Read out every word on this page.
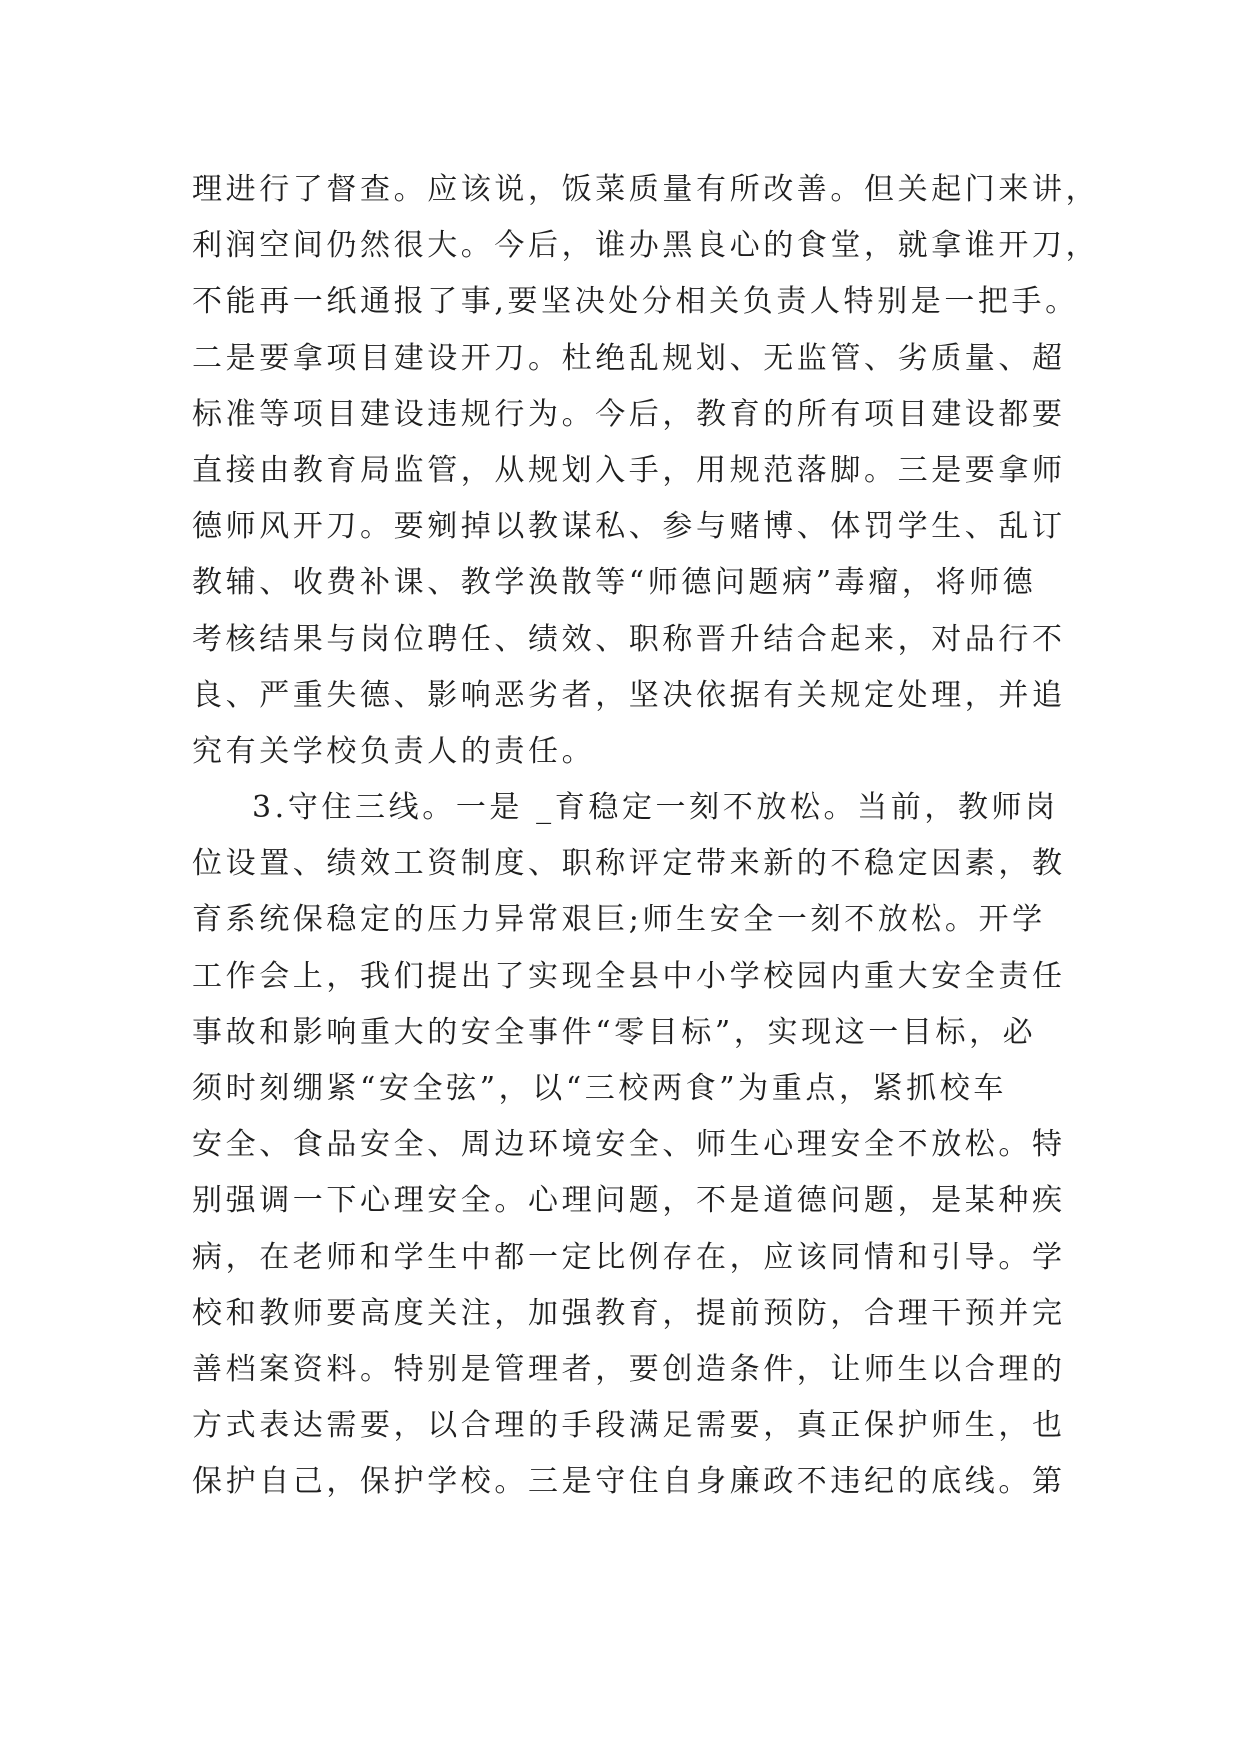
理进行了督查。应该说，饭菜质量有所改善。但关起门来讲，
利润空间仍然很大。今后，谁办黑良心的食堂，就拿谁开刀，
不能再一纸通报了事,要坚决处分相关负责人特别是一把手。
二是要拿项目建设开刀。杜绝乱规划、无监管、劣质量、超
标准等项目建设违规行为。今后，教育的所有项目建设都要
直接由教育局监管，从规划入手，用规范落脚。三是要拿师
德师风开刀。要剜掉以教谋私、参与赌博、体罚学生、乱订
教辅、收费补课、教学涣散等“师德问题病”毒瘤，将师德
考核结果与岗位聘任、绩效、职称晋升结合起来，对品行不
良、严重失德、影响恶劣者，坚决依据有关规定处理，并追
究有关学校负责人的责任。
3.守住三线。一是 _育稳定一刻不放松。当前，教师岗
位设置、绩效工资制度、职称评定带来新的不稳定因素，教
育系统保稳定的压力异常艰巨;师生安全一刻不放松。开学
工作会上，我们提出了实现全县中小学校园内重大安全责任
事故和影响重大的安全事件“零目标”，实现这一目标，必
须时刻绷紧“安全弦”，以“三校两食”为重点，紧抓校车
安全、食品安全、周边环境安全、师生心理安全不放松。特
别强调一下心理安全。心理问题，不是道德问题，是某种疾
病，在老师和学生中都一定比例存在，应该同情和引导。学
校和教师要高度关注，加强教育，提前预防，合理干预并完
善档案资料。特别是管理者，要创造条件，让师生以合理的
方式表达需要，以合理的手段满足需要，真正保护师生，也
保护自己，保护学校。三是守住自身廉政不违纪的底线。第
